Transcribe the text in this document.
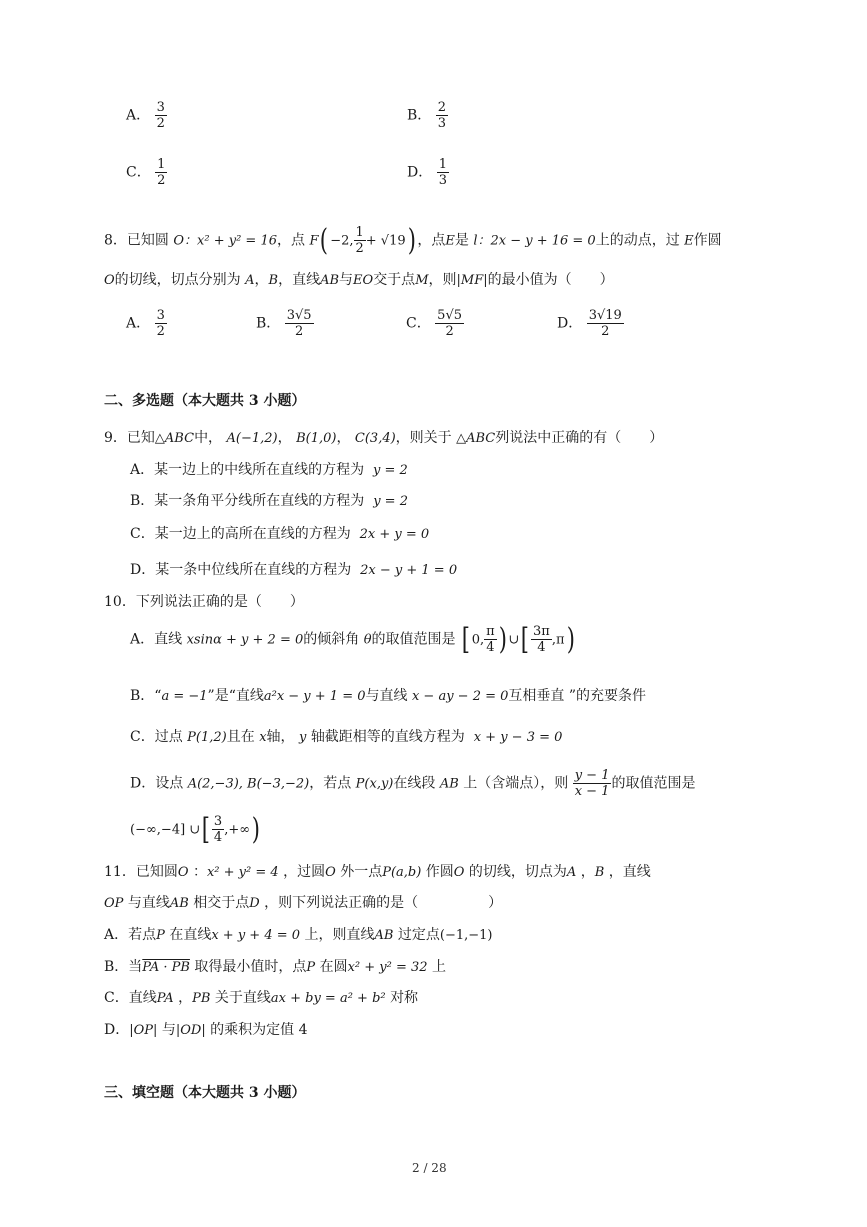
A． $\frac{3}{2}$	B． $\frac{2}{3}$
C． $\frac{1}{2}$	D． $\frac{1}{3}$
8．已知圆 O：x² + y² = 16，点 F( −2, $\frac{1}{2} + √19$) ，点E是 l：2x − y + 16 = 0上的动点，过 E作圆
O的切线，切点分别为 A，B，直线AB与EO交于点M，则|MF|的最小值为（　　）
A． $\frac{3}{2}$	B． $\frac{3√5}{2}$	C． $\frac{5√5}{2}$	D． $\frac{3√19}{2}$
二、多选题（本大题共 3 小题）
9．已知△ABC中， A(−1,2)， B(1,0)， C(3,4)，则关于 △ABC列说法中正确的有（　　）
A．某一边上的中线所在直线的方程为 y = 2
B．某一条角平分线所在直线的方程为 y = 2
C．某一边上的高所在直线的方程为 2x + y = 0
D．某一条中位线所在直线的方程为 2x − y + 1 = 0
10．下列说法正确的是（　　）
A．直线 xsinα + y + 2 = 0的倾斜角 θ的取值范围是 [ 0, $\frac{\pi}{4}$ ) ∪[ $\frac{3\pi}{4} ,\pi$)
B．“a = −1”是“直线a²x − y + 1 = 0与直线 x − ay − 2 = 0互相垂直 ”的充要条件
C．过点 P(1,2)且在 x轴， y 轴截距相等的直线方程为 x + y − 3 = 0
D．设点 A(2,−3), B(−3,−2)，若点 P(x,y)在线段 AB 上（含端点），则 $\frac{y - 1}{x - 1}$ 的取值范围是
(−∞,−4] ∪[ $\frac{3}{4}$ ,+∞)
11．已知圆O ：x² + y² = 4 ，过圆O 外一点P(a,b) 作圆O 的切线，切点为A ，B ，直线
OP 与直线AB 相交于点D ，则下列说法正确的是（　　　　　）
A．若点P 在直线x + y + 4 = 0 上，则直线AB 过定点(−1,−1)
B．当PA · PB 取得最小值时，点P 在圆x² + y² = 32 上
C．直线PA ，PB 关于直线ax + by = a² + b² 对称
D．|OP| 与|OD| 的乘积为定值 4
三、填空题（本大题共 3 小题）
2 / 28
